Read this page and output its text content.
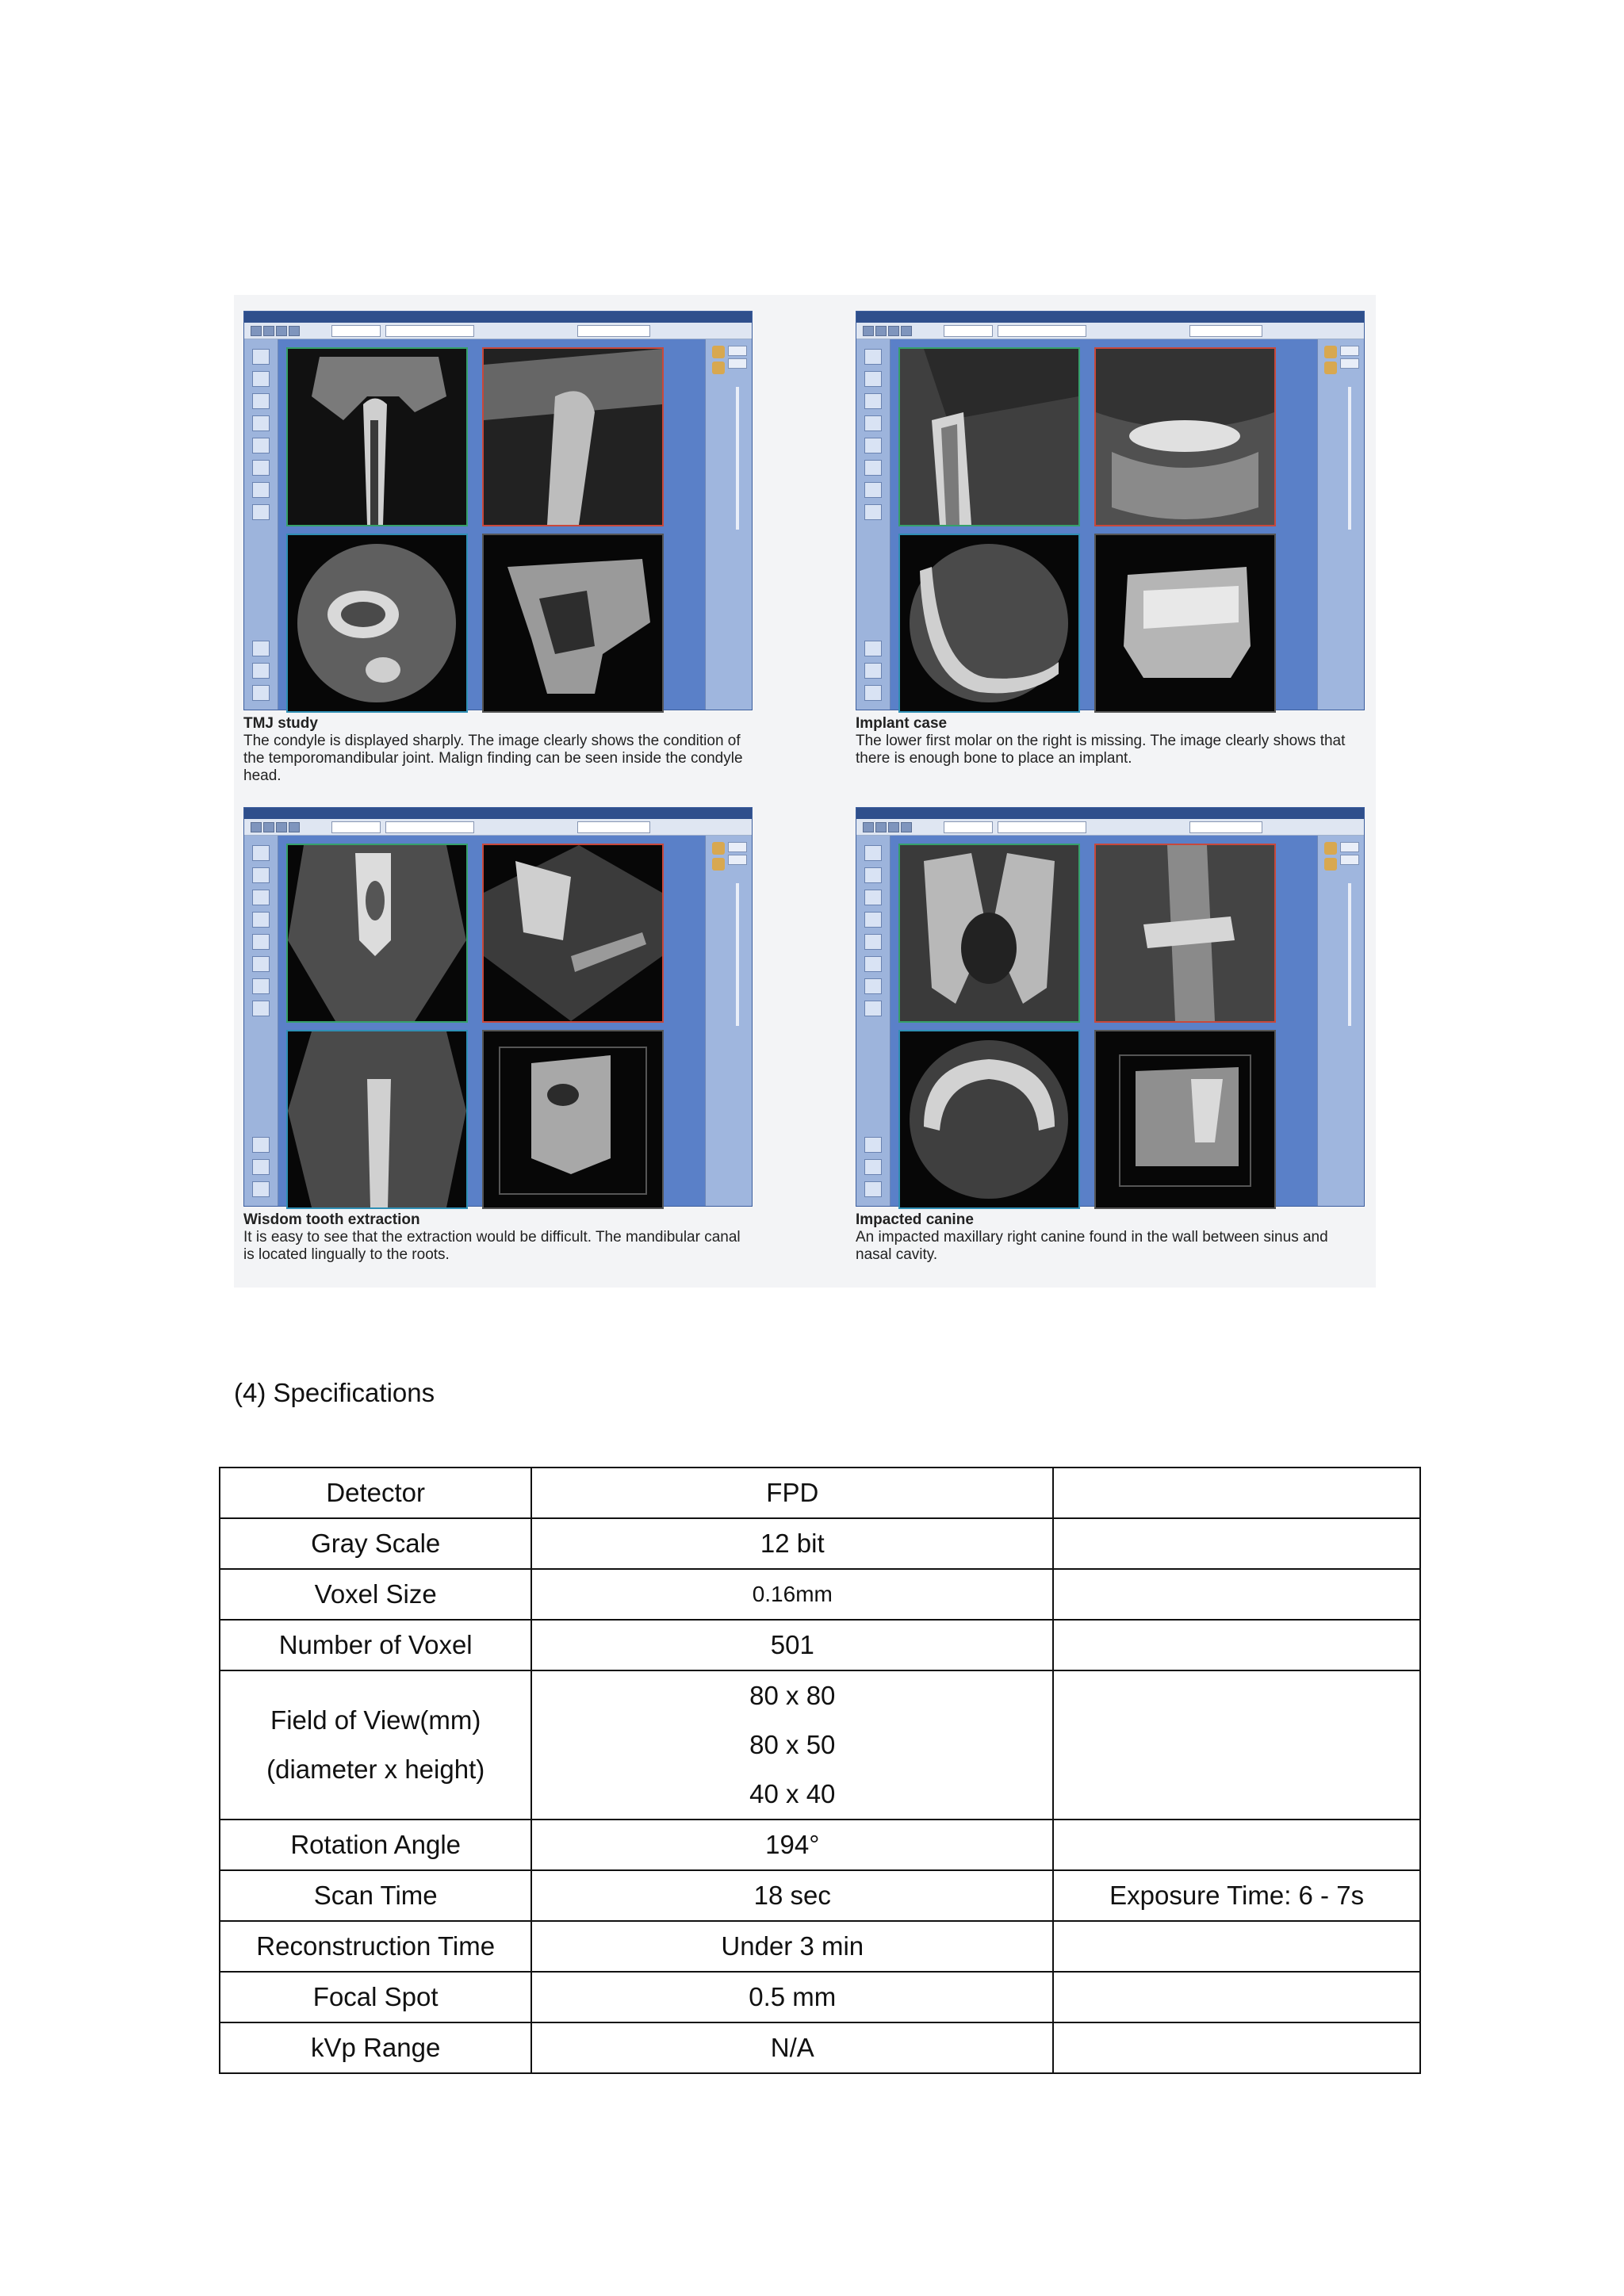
TMJ study
The condyle is displayed sharply. The image clearly shows the condition of the temporomandibular joint. Malign finding can be seen inside the condyle head.
Implant case
The lower first molar on the right is missing. The image clearly shows that there is enough bone to place an implant.
Wisdom tooth extraction
It is easy to see that the extraction would be difficult. The mandibular canal is located lingually to the roots.
Impacted canine
An impacted maxillary right canine found in the wall between sinus and nasal cavity.
(4) Specifications
Detector	FPD	
Gray Scale	12 bit	
Voxel Size	0.16mm	
Number of Voxel	501	

Field of View(mm)
(diameter x height)	80 x 80
80 x 50
40 x 40	

Rotation Angle	194°	
Scan Time	18 sec	Exposure Time: 6 - 7s
Reconstruction Time	Under 3 min	
Focal Spot	0.5 mm	
kVp Range	N/A	
